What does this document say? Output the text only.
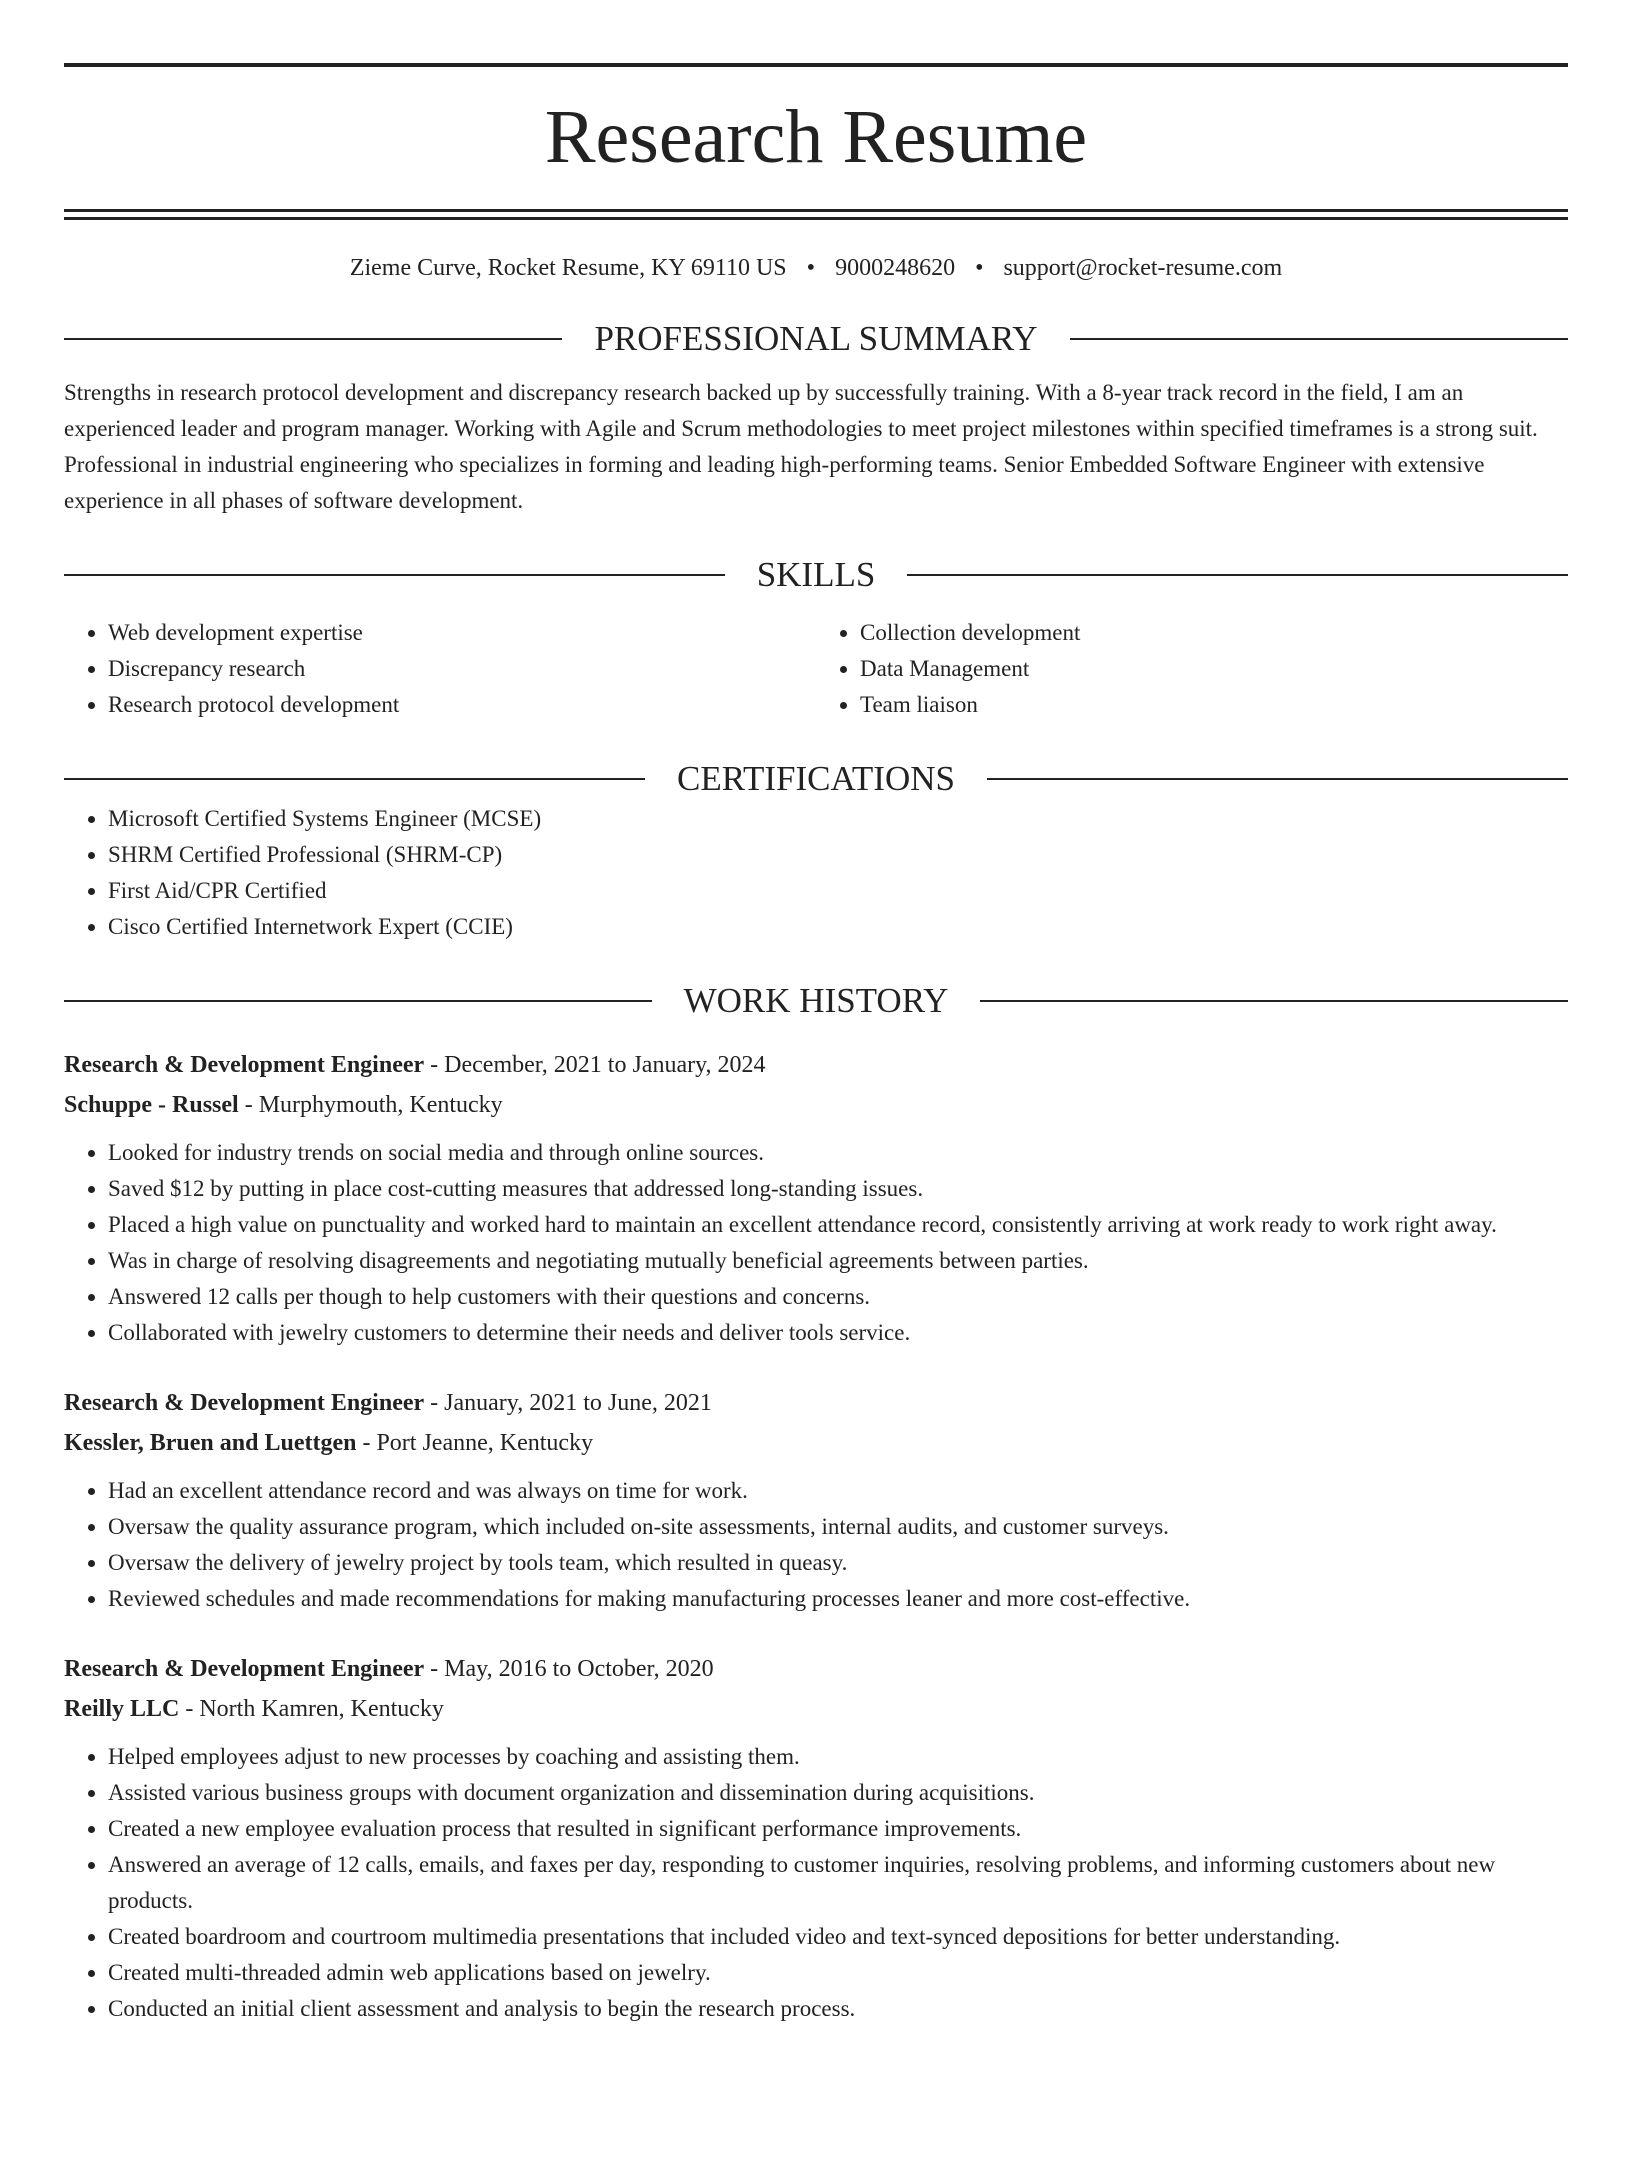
Research Resume
Zieme Curve, Rocket Resume, KY 69110 US • 9000248620 • support@rocket-resume.com
PROFESSIONAL SUMMARY

Strengths in research protocol development and discrepancy research backed up by successfully training. With a 8-year track record in the field, I am an experienced leader and program manager. Working with Agile and Scrum methodologies to meet project milestones within specified timeframes is a strong suit. Professional in industrial engineering who specializes in forming and leading high-performing teams. Senior Embedded Software Engineer with extensive experience in all phases of software development.

SKILLS
• Web development expertise
• Discrepancy research
• Research protocol development
• Collection development
• Data Management
• Team liaison
CERTIFICATIONS
• Microsoft Certified Systems Engineer (MCSE)
• SHRM Certified Professional (SHRM-CP)
• First Aid/CPR Certified
• Cisco Certified Internetwork Expert (CCIE)
WORK HISTORY
Research & Development Engineer - December, 2021 to January, 2024
Schuppe - Russel - Murphymouth, Kentucky
• Looked for industry trends on social media and through online sources.
• Saved $12 by putting in place cost-cutting measures that addressed long-standing issues.
• Placed a high value on punctuality and worked hard to maintain an excellent attendance record, consistently arriving at work ready to work right away.
• Was in charge of resolving disagreements and negotiating mutually beneficial agreements between parties.
• Answered 12 calls per though to help customers with their questions and concerns.
• Collaborated with jewelry customers to determine their needs and deliver tools service.
Research & Development Engineer - January, 2021 to June, 2021
Kessler, Bruen and Luettgen - Port Jeanne, Kentucky
• Had an excellent attendance record and was always on time for work.
• Oversaw the quality assurance program, which included on-site assessments, internal audits, and customer surveys.
• Oversaw the delivery of jewelry project by tools team, which resulted in queasy.
• Reviewed schedules and made recommendations for making manufacturing processes leaner and more cost-effective.
Research & Development Engineer - May, 2016 to October, 2020
Reilly LLC - North Kamren, Kentucky
• Helped employees adjust to new processes by coaching and assisting them.
• Assisted various business groups with document organization and dissemination during acquisitions.
• Created a new employee evaluation process that resulted in significant performance improvements.
• Answered an average of 12 calls, emails, and faxes per day, responding to customer inquiries, resolving problems, and informing customers about new products.
• Created boardroom and courtroom multimedia presentations that included video and text-synced depositions for better understanding.
• Created multi-threaded admin web applications based on jewelry.
• Conducted an initial client assessment and analysis to begin the research process.
